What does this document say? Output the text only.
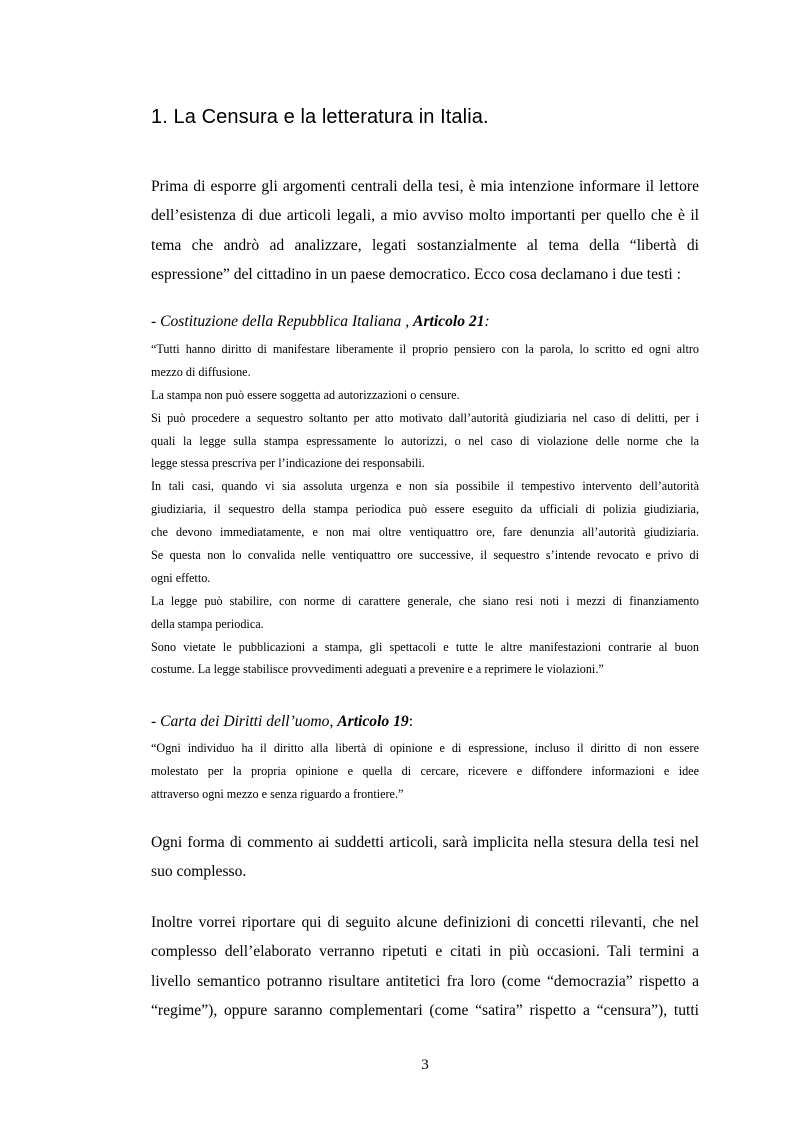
1. La Censura e la letteratura in Italia.
Prima di esporre gli argomenti centrali della tesi, è mia intenzione informare il lettore
dell’esistenza di due articoli legali, a mio avviso molto importanti per quello che è il
tema che andrò ad analizzare, legati sostanzialmente al tema della “libertà di
espressione” del cittadino in un paese democratico. Ecco cosa declamano i due testi :
- Costituzione della Repubblica Italiana , Articolo 21:
“Tutti hanno diritto di manifestare liberamente il proprio pensiero con la parola, lo scritto ed ogni altro
mezzo di diffusione.
La stampa non può essere soggetta ad autorizzazioni o censure.
Si può procedere a sequestro soltanto per atto motivato dall’autorità giudiziaria nel caso di delitti, per i
quali la legge sulla stampa espressamente lo autorizzi, o nel caso di violazione delle norme che la
legge stessa prescriva per l’indicazione dei responsabili.
In tali casi, quando vi sia assoluta urgenza e non sia possibile il tempestivo intervento dell’autorità
giudiziaria, il sequestro della stampa periodica può essere eseguito da ufficiali di polizia giudiziaria,
che devono immediatamente, e non mai oltre ventiquattro ore, fare denunzia all’autorità giudiziaria.
Se questa non lo convalida nelle ventiquattro ore successive, il sequestro s’intende revocato e privo di
ogni effetto.
La legge può stabilire, con norme di carattere generale, che siano resi noti i mezzi di finanziamento
della stampa periodica.
Sono vietate le pubblicazioni a stampa, gli spettacoli e tutte le altre manifestazioni contrarie al buon
costume. La legge stabilisce provvedimenti adeguati a prevenire e a reprimere le violazioni.”
- Carta dei Diritti dell’uomo, Articolo 19:
“Ogni individuo ha il diritto alla libertà di opinione e di espressione, incluso il diritto di non essere
molestato per la propria opinione e quella di cercare, ricevere e diffondere informazioni e idee
attraverso ogni mezzo e senza riguardo a frontiere.”
Ogni forma di commento ai suddetti articoli, sarà implicita nella stesura della tesi nel
suo complesso.
Inoltre vorrei riportare qui di seguito alcune definizioni di concetti rilevanti, che nel
complesso dell’elaborato verranno ripetuti e citati in più occasioni. Tali termini a
livello semantico potranno risultare antitetici fra loro (come “democrazia” rispetto a
“regime”), oppure saranno complementari (come “satira” rispetto a “censura”), tutti
3
